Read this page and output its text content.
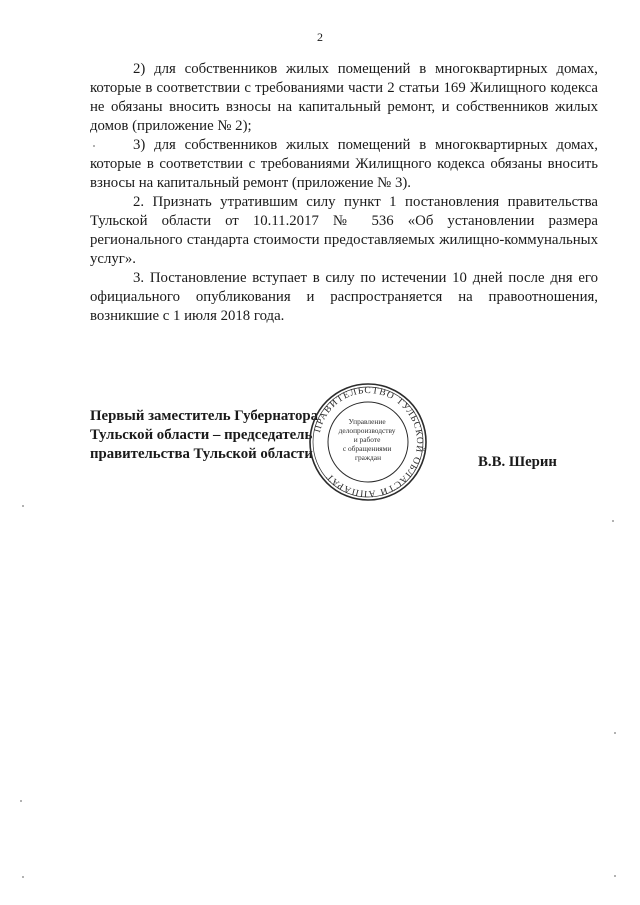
2

2) для собственников жилых помещений в многоквартирных домах, которые в соответствии с требованиями части 2 статьи 169 Жилищного кодекса не обязаны вносить взносы на капитальный ремонт, и собственников жилых домов (приложение № 2);

3) для собственников жилых помещений в многоквартирных домах, которые в соответствии с требованиями Жилищного кодекса обязаны вносить взносы на капитальный ремонт (приложение № 3).

2. Признать утратившим силу пункт 1 постановления правительства Тульской области от 10.11.2017 № 536 «Об установлении размера регионального стандарта стоимости предоставляемых жилищно-коммунальных услуг».

3. Постановление вступает в силу по истечении 10 дней после дня его официального опубликования и распространяется на правоотношения, возникшие с 1 июля 2018 года.

Первый заместитель Губернатора
Тульской области – председатель
правительства Тульской области
ПРАВИТЕЛЬСТВО ТУЛЬСКОЙ ОБЛАСТИ АППАРАТ
Управление делопроизводству и работе с обращениями граждан	В.В. Шерин
